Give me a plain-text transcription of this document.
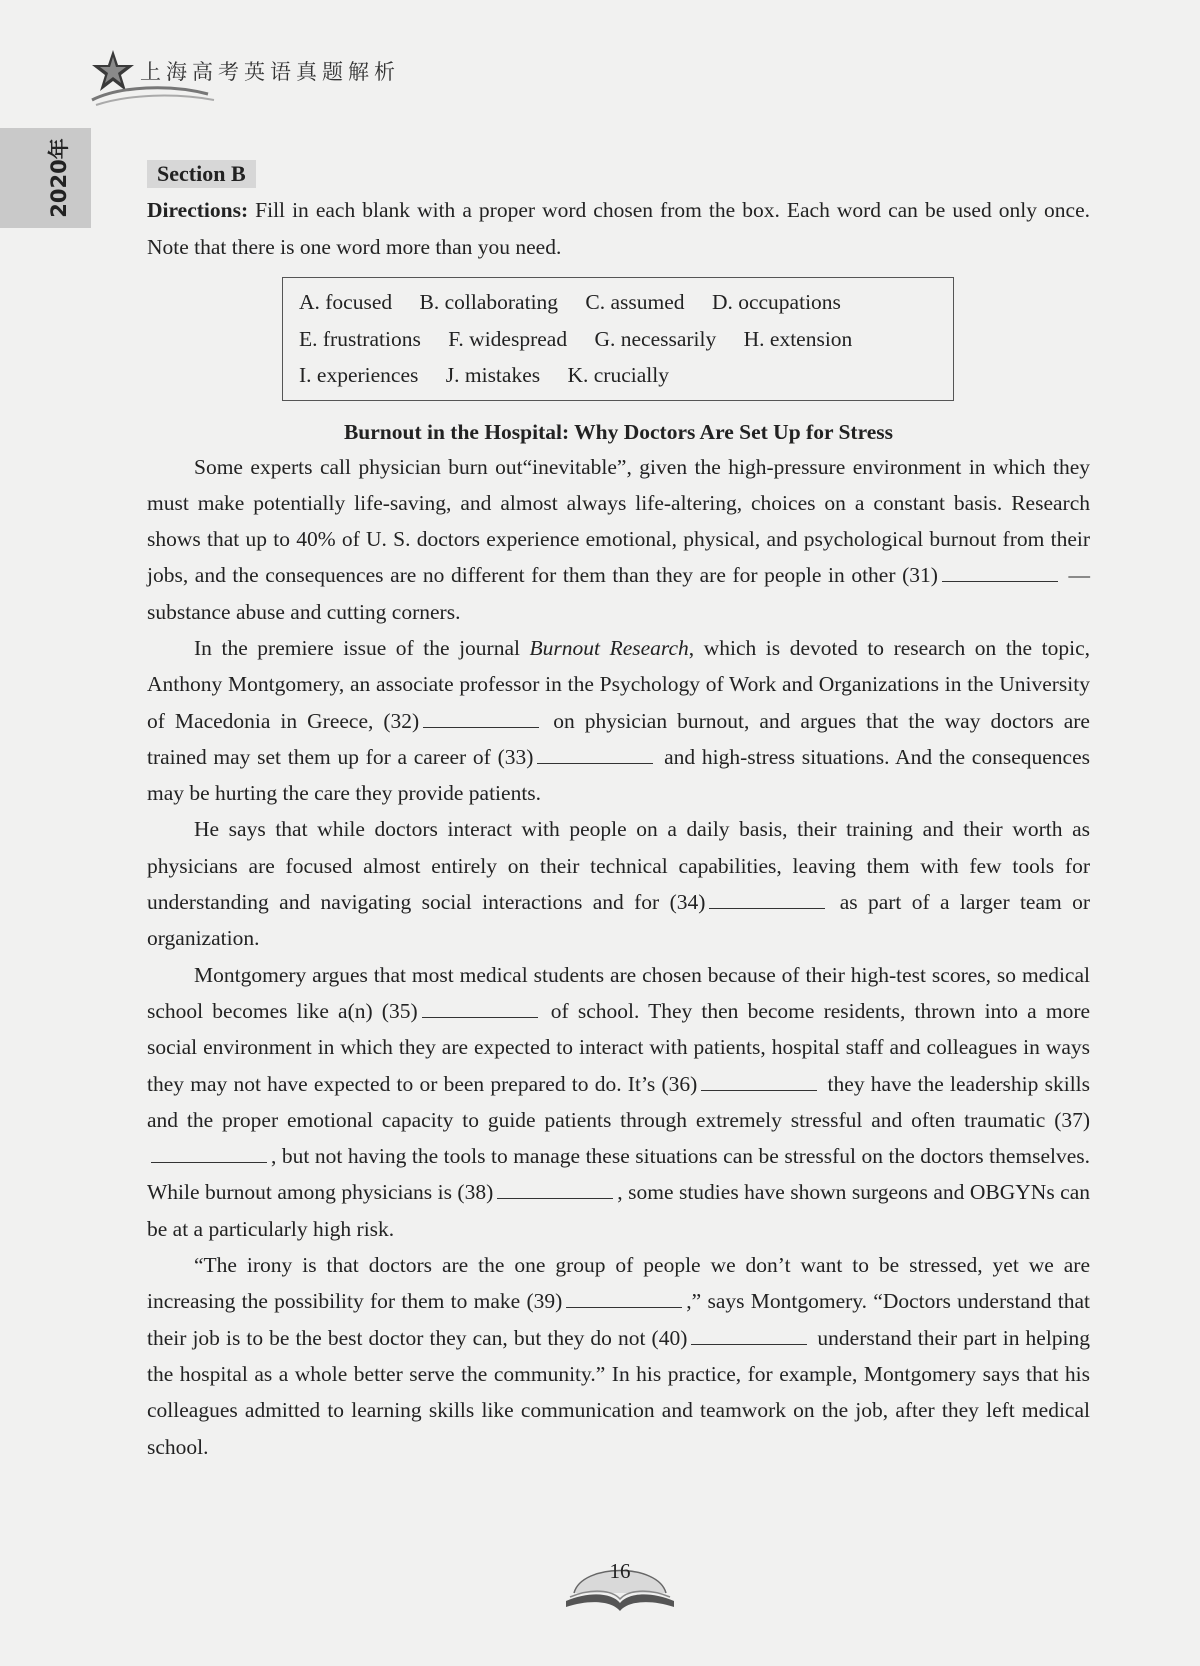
上海高考英语真题解析
2020年	Section B
Directions: Fill in each blank with a proper word chosen from the box. Each word can be used only once. Note that there is one word more than you need.
A. focused B. collaborating C. assumed D. occupations
E. frustrations F. widespread G. necessarily H. extension
I. experiences J. mistakes K. crucially
Burnout in the Hospital: Why Doctors Are Set Up for Stress

Some experts call physician burn out“inevitable”, given the high-pressure environment in which they must make potentially life-saving, and almost always life-altering, choices on a constant basis. Research shows that up to 40% of U. S. doctors experience emotional, physical, and psychological burnout from their jobs, and the consequences are no different for them than they are for people in other (31)	— substance abuse and cutting corners.

In the premiere issue of the journal Burnout Research, which is devoted to research on the topic, Anthony Montgomery, an associate professor in the Psychology of Work and Organizations in the University of Macedonia in Greece, (32)	on physician burnout, and argues that the way doctors are trained may set them up for a career of (33)	and high-stress situations. And the consequences may be hurting the care they provide patients.

He says that while doctors interact with people on a daily basis, their training and their worth as physicians are focused almost entirely on their technical capabilities, leaving them with few tools for understanding and navigating social interactions and for (34)	as part of a larger team or organization.

Montgomery argues that most medical students are chosen because of their high-test scores, so medical school becomes like a(n) (35)	of school. They then become residents, thrown into a more social environment in which they are expected to interact with patients, hospital staff and colleagues in ways they may not have expected to or been prepared to do. It’s (36)	they have the leadership skills and the proper emotional capacity to guide patients through extremely stressful and often traumatic (37), but not having the tools to manage these situations can be stressful on the doctors themselves. While burnout among physicians is (38)	, some studies have shown surgeons and OBGYNs can be at a particularly high risk.

“The irony is that doctors are the one group of people we don’t want to be stressed, yet we are increasing the possibility for them to make (39)	,” says Montgomery. “Doctors understand that their job is to be the best doctor they can, but they do not (40)	understand their part in helping the hospital as a whole better serve the community.” In his practice, for example, Montgomery says that his colleagues admitted to learning skills like communication and teamwork on the job, after they left medical school.

16
